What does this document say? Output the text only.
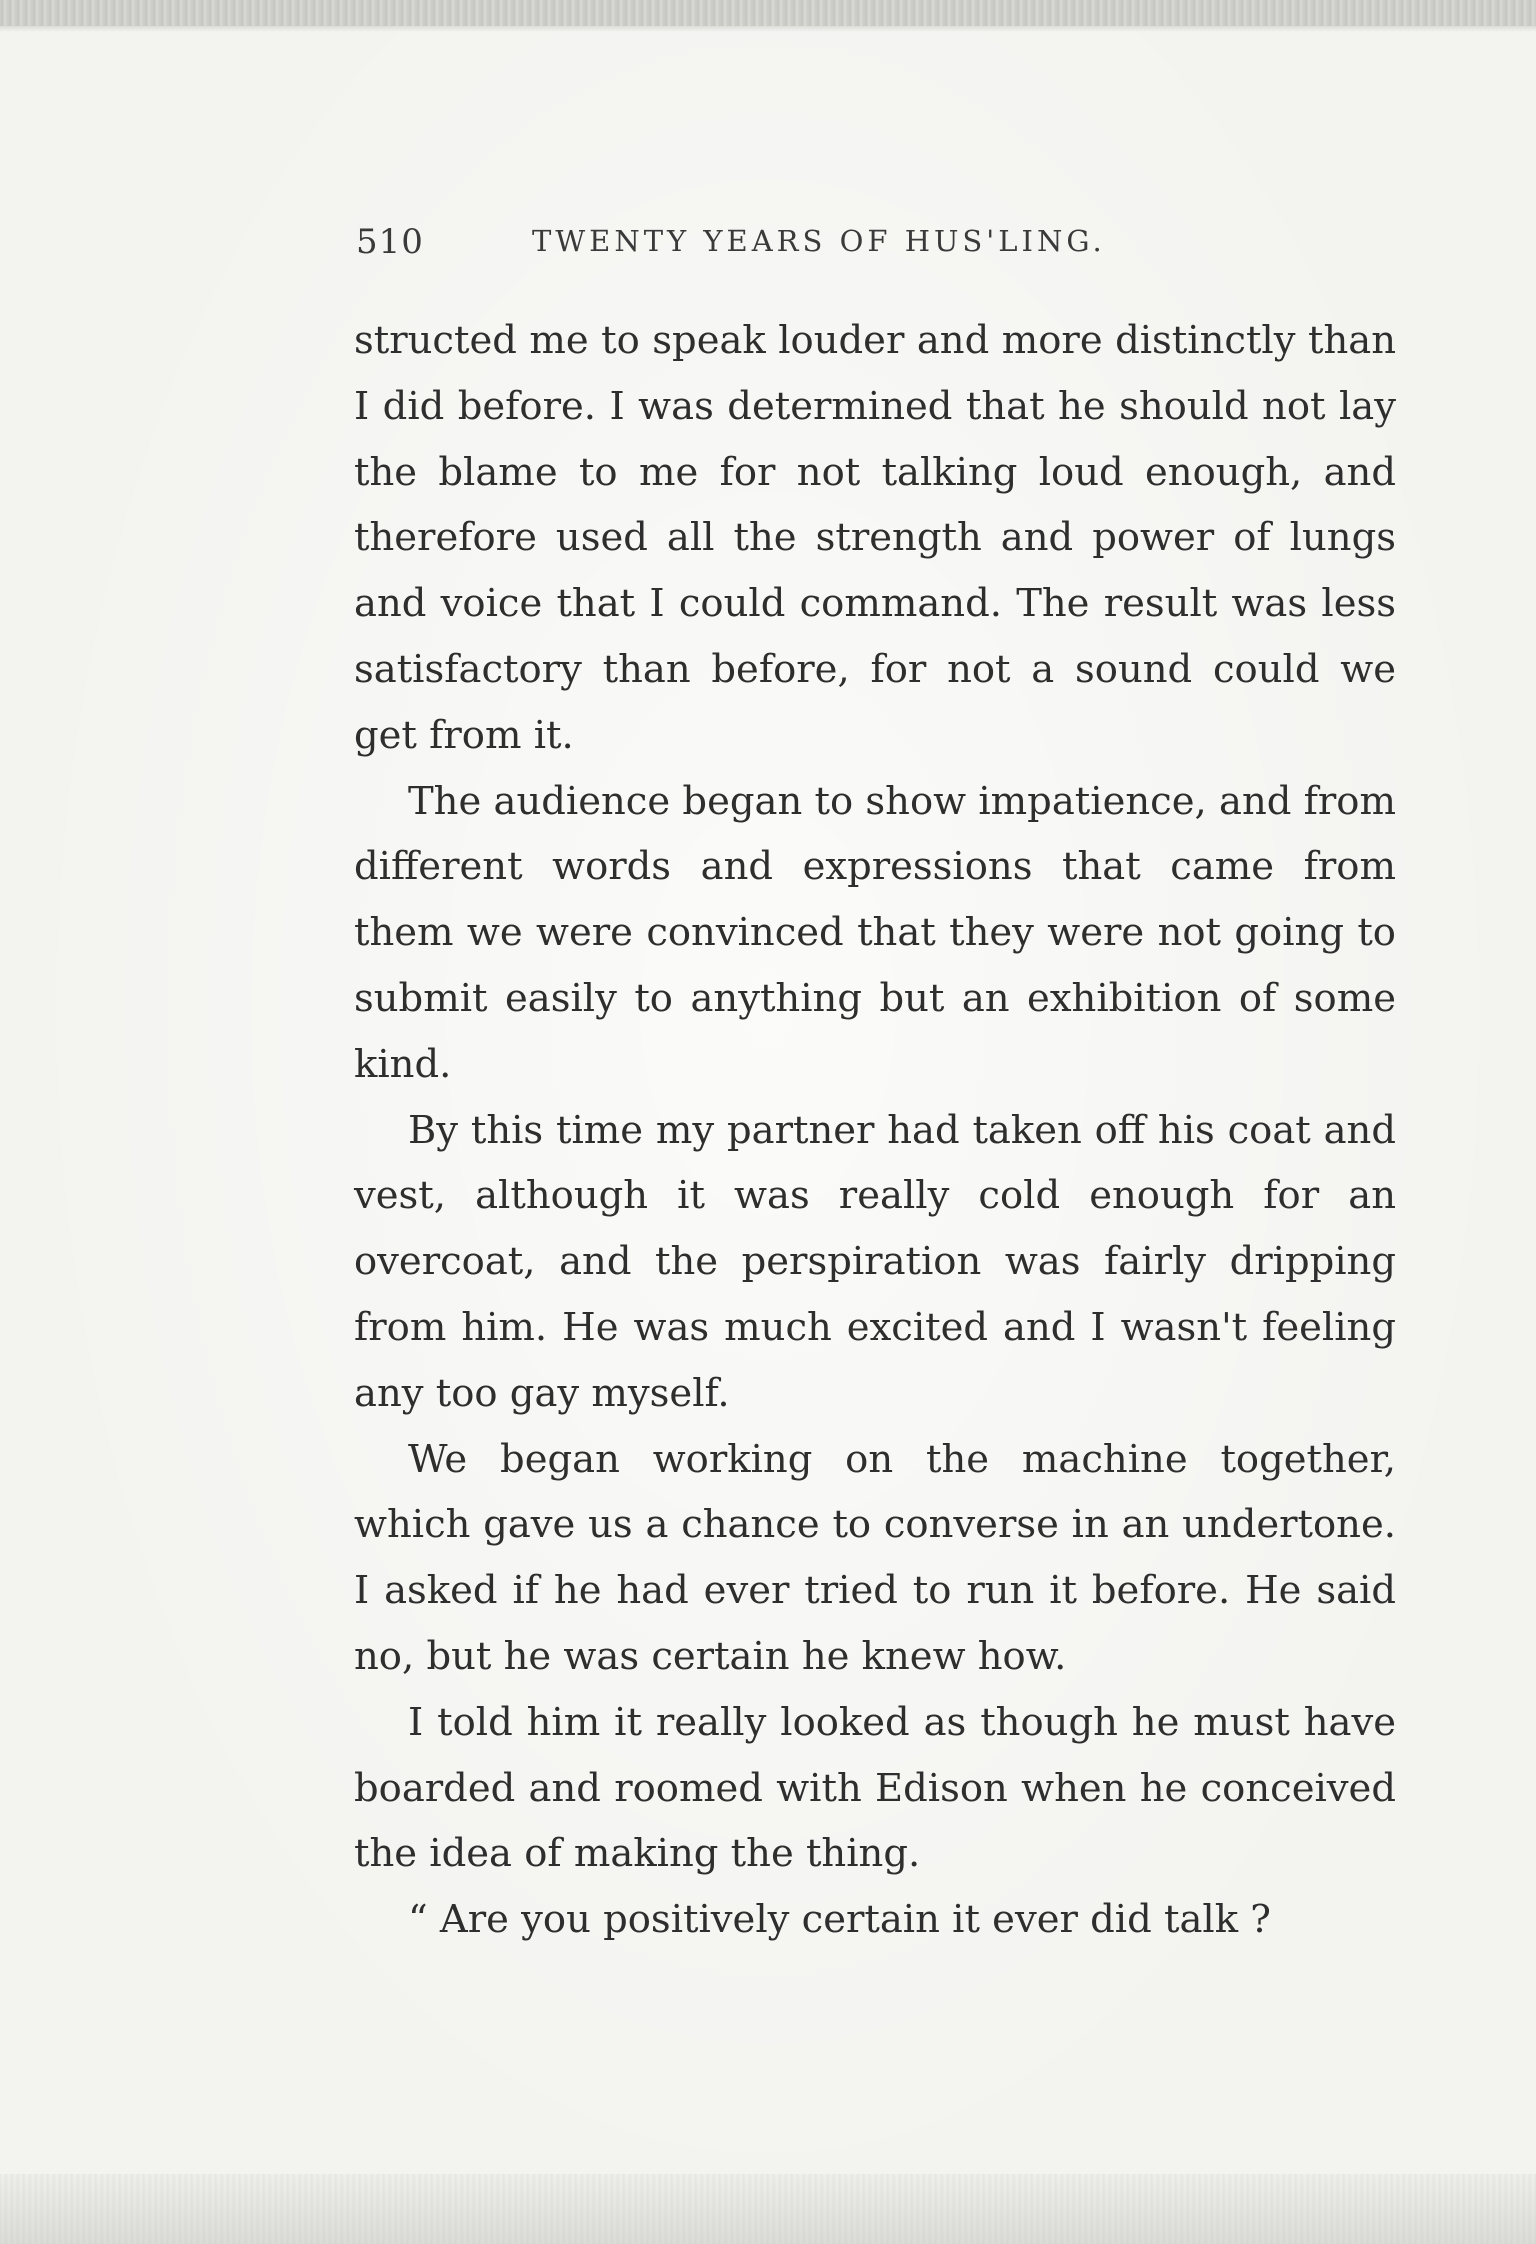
510	TWENTY YEARS OF HUS'LING.

structed me to speak louder and more distinctly than I did before. I was determined that he should not lay the blame to me for not talking loud enough, and therefore used all the strength and power of lungs and voice that I could command. The result was less satisfactory than before, for not a sound could we get from it.

The audience began to show impatience, and from different words and expressions that came from them we were convinced that they were not going to submit easily to anything but an exhibition of some kind.

By this time my partner had taken off his coat and vest, although it was really cold enough for an overcoat, and the perspiration was fairly dripping from him. He was much excited and I wasn't feeling any too gay myself.

We began working on the machine together, which gave us a chance to converse in an undertone. I asked if he had ever tried to run it before. He said no, but he was certain he knew how.

I told him it really looked as though he must have boarded and roomed with Edison when he conceived the idea of making the thing.

“ Are you positively certain it ever did talk ?
